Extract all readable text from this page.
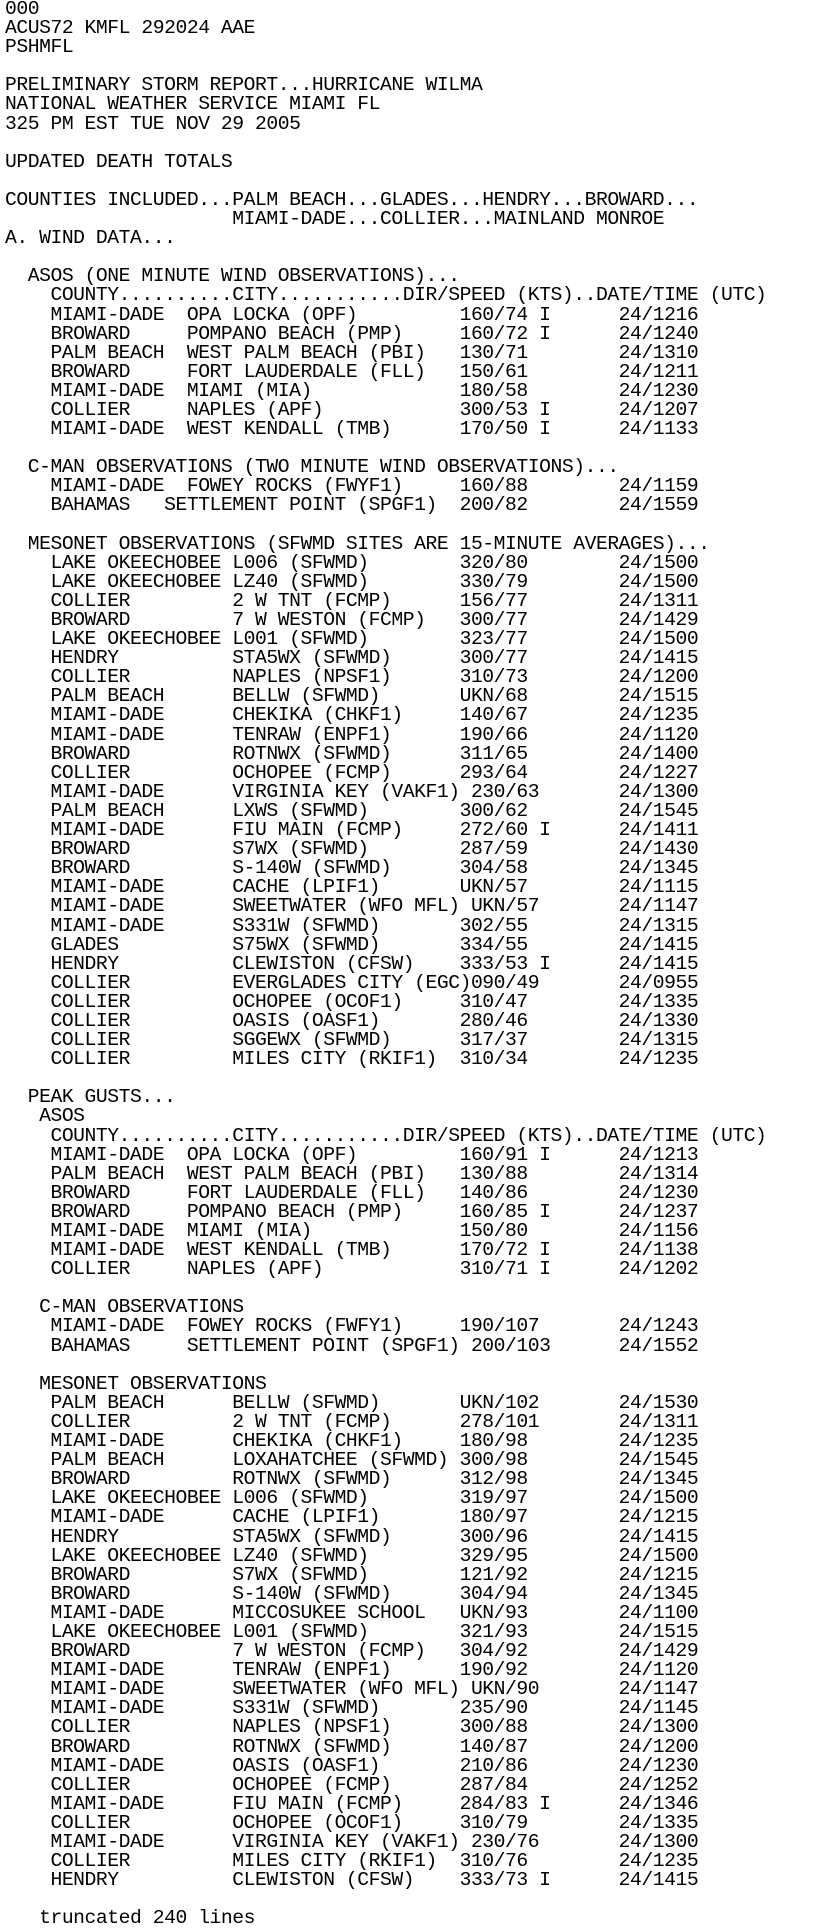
000
ACUS72 KMFL 292024 AAE
PSHMFL
PRELIMINARY STORM REPORT...HURRICANE WILMA
NATIONAL WEATHER SERVICE MIAMI FL
325 PM EST TUE NOV 29 2005
UPDATED DEATH TOTALS
COUNTIES INCLUDED...PALM BEACH...GLADES...HENDRY...BROWARD...
MIAMI-DADE...COLLIER...MAINLAND MONROE
A. WIND DATA...
ASOS (ONE MINUTE WIND OBSERVATIONS)...
COUNTY..........CITY...........DIR/SPEED (KTS)..DATE/TIME (UTC)
MIAMI-DADE  OPA LOCKA (OPF)         160/74 I      24/1216
BROWARD     POMPANO BEACH (PMP)     160/72 I      24/1240
PALM BEACH  WEST PALM BEACH (PBI)   130/71        24/1310
BROWARD     FORT LAUDERDALE (FLL)   150/61        24/1211
MIAMI-DADE  MIAMI (MIA)             180/58        24/1230
COLLIER     NAPLES (APF)            300/53 I      24/1207
MIAMI-DADE  WEST KENDALL (TMB)      170/50 I      24/1133
C-MAN OBSERVATIONS (TWO MINUTE WIND OBSERVATIONS)...
MIAMI-DADE  FOWEY ROCKS (FWYF1)     160/88        24/1159
BAHAMAS   SETTLEMENT POINT (SPGF1)  200/82        24/1559
MESONET OBSERVATIONS (SFWMD SITES ARE 15-MINUTE AVERAGES)...
LAKE OKEECHOBEE L006 (SFWMD)        320/80        24/1500
LAKE OKEECHOBEE LZ40 (SFWMD)        330/79        24/1500
COLLIER         2 W TNT (FCMP)      156/77        24/1311
BROWARD         7 W WESTON (FCMP)   300/77        24/1429
LAKE OKEECHOBEE L001 (SFWMD)        323/77        24/1500
HENDRY          STA5WX (SFWMD)      300/77        24/1415
COLLIER         NAPLES (NPSF1)      310/73        24/1200
PALM BEACH      BELLW (SFWMD)       UKN/68        24/1515
MIAMI-DADE      CHEKIKA (CHKF1)     140/67        24/1235
MIAMI-DADE      TENRAW (ENPF1)      190/66        24/1120
BROWARD         ROTNWX (SFWMD)      311/65        24/1400
COLLIER         OCHOPEE (FCMP)      293/64        24/1227
MIAMI-DADE      VIRGINIA KEY (VAKF1) 230/63       24/1300
PALM BEACH      LXWS (SFWMD)        300/62        24/1545
MIAMI-DADE      FIU MAIN (FCMP)     272/60 I      24/1411
BROWARD         S7WX (SFWMD)        287/59        24/1430
BROWARD         S-140W (SFWMD)      304/58        24/1345
MIAMI-DADE      CACHE (LPIF1)       UKN/57        24/1115
MIAMI-DADE      SWEETWATER (WFO MFL) UKN/57       24/1147
MIAMI-DADE      S331W (SFWMD)       302/55        24/1315
GLADES          S75WX (SFWMD)       334/55        24/1415
HENDRY          CLEWISTON (CFSW)    333/53 I      24/1415
COLLIER         EVERGLADES CITY (EGC)090/49       24/0955
COLLIER         OCHOPEE (OCOF1)     310/47        24/1335
COLLIER         OASIS (OASF1)       280/46        24/1330
COLLIER         SGGEWX (SFWMD)      317/37        24/1315
COLLIER         MILES CITY (RKIF1)  310/34        24/1235
PEAK GUSTS...
ASOS
COUNTY..........CITY...........DIR/SPEED (KTS)..DATE/TIME (UTC)
MIAMI-DADE  OPA LOCKA (OPF)         160/91 I      24/1213
PALM BEACH  WEST PALM BEACH (PBI)   130/88        24/1314
BROWARD     FORT LAUDERDALE (FLL)   140/86        24/1230
BROWARD     POMPANO BEACH (PMP)     160/85 I      24/1237
MIAMI-DADE  MIAMI (MIA)             150/80        24/1156
MIAMI-DADE  WEST KENDALL (TMB)      170/72 I      24/1138
COLLIER     NAPLES (APF)            310/71 I      24/1202
C-MAN OBSERVATIONS
MIAMI-DADE  FOWEY ROCKS (FWFY1)     190/107       24/1243
BAHAMAS     SETTLEMENT POINT (SPGF1) 200/103      24/1552
MESONET OBSERVATIONS
PALM BEACH      BELLW (SFWMD)       UKN/102       24/1530
COLLIER         2 W TNT (FCMP)      278/101       24/1311
MIAMI-DADE      CHEKIKA (CHKF1)     180/98        24/1235
PALM BEACH      LOXAHATCHEE (SFWMD) 300/98        24/1545
BROWARD         ROTNWX (SFWMD)      312/98        24/1345
LAKE OKEECHOBEE L006 (SFWMD)        319/97        24/1500
MIAMI-DADE      CACHE (LPIF1)       180/97        24/1215
HENDRY          STA5WX (SFWMD)      300/96        24/1415
LAKE OKEECHOBEE LZ40 (SFWMD)        329/95        24/1500
BROWARD         S7WX (SFWMD)        121/92        24/1215
BROWARD         S-140W (SFWMD)      304/94        24/1345
MIAMI-DADE      MICCOSUKEE SCHOOL   UKN/93        24/1100
LAKE OKEECHOBEE L001 (SFWMD)        321/93        24/1515
BROWARD         7 W WESTON (FCMP)   304/92        24/1429
MIAMI-DADE      TENRAW (ENPF1)      190/92        24/1120
MIAMI-DADE      SWEETWATER (WFO MFL) UKN/90       24/1147
MIAMI-DADE      S331W (SFWMD)       235/90        24/1145
COLLIER         NAPLES (NPSF1)      300/88        24/1300
BROWARD         ROTNWX (SFWMD)      140/87        24/1200
MIAMI-DADE      OASIS (OASF1)       210/86        24/1230
COLLIER         OCHOPEE (FCMP)      287/84        24/1252
MIAMI-DADE      FIU MAIN (FCMP)     284/83 I      24/1346
COLLIER         OCHOPEE (OCOF1)     310/79        24/1335
MIAMI-DADE      VIRGINIA KEY (VAKF1) 230/76       24/1300
COLLIER         MILES CITY (RKIF1)  310/76        24/1235
HENDRY          CLEWISTON (CFSW)    333/73 I      24/1415
truncated 240 lines
